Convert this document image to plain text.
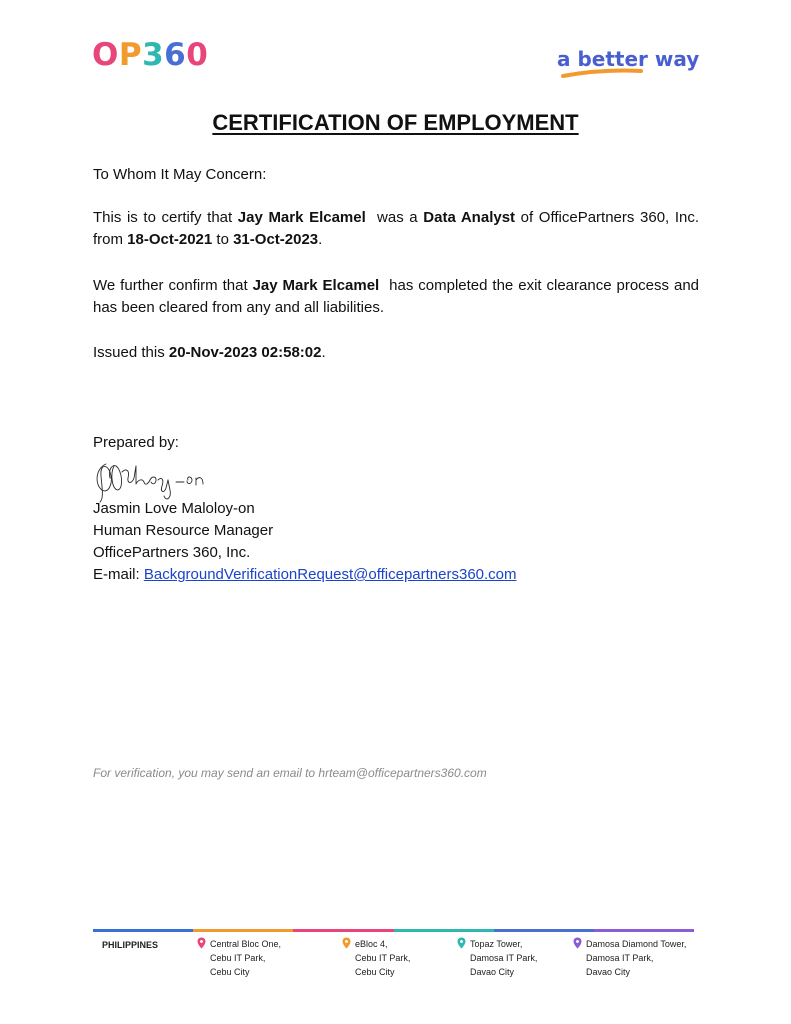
OP360	a better way
CERTIFICATION OF EMPLOYMENT
To Whom It May Concern:
This is to certify that Jay Mark Elcamel  was a Data Analyst of OfficePartners 360, Inc. from 18-Oct-2021 to 31-Oct-2023.
We further confirm that Jay Mark Elcamel  has completed the exit clearance process and has been cleared from any and all liabilities.
Issued this 20-Nov-2023 02:58:02.
Prepared by:
Jasmin Love Maloloy-on
Human Resource Manager
OfficePartners 360, Inc.
E-mail: BackgroundVerificationRequest@officepartners360.com
For verification, you may send an email to hrteam@officepartners360.com
PHILIPPINES	Central Bloc One,
Cebu IT Park,
Cebu City
eBloc 4,
Cebu IT Park,
Cebu City
Topaz Tower,
Damosa IT Park,
Davao City
Damosa Diamond Tower,
Damosa IT Park,
Davao City
